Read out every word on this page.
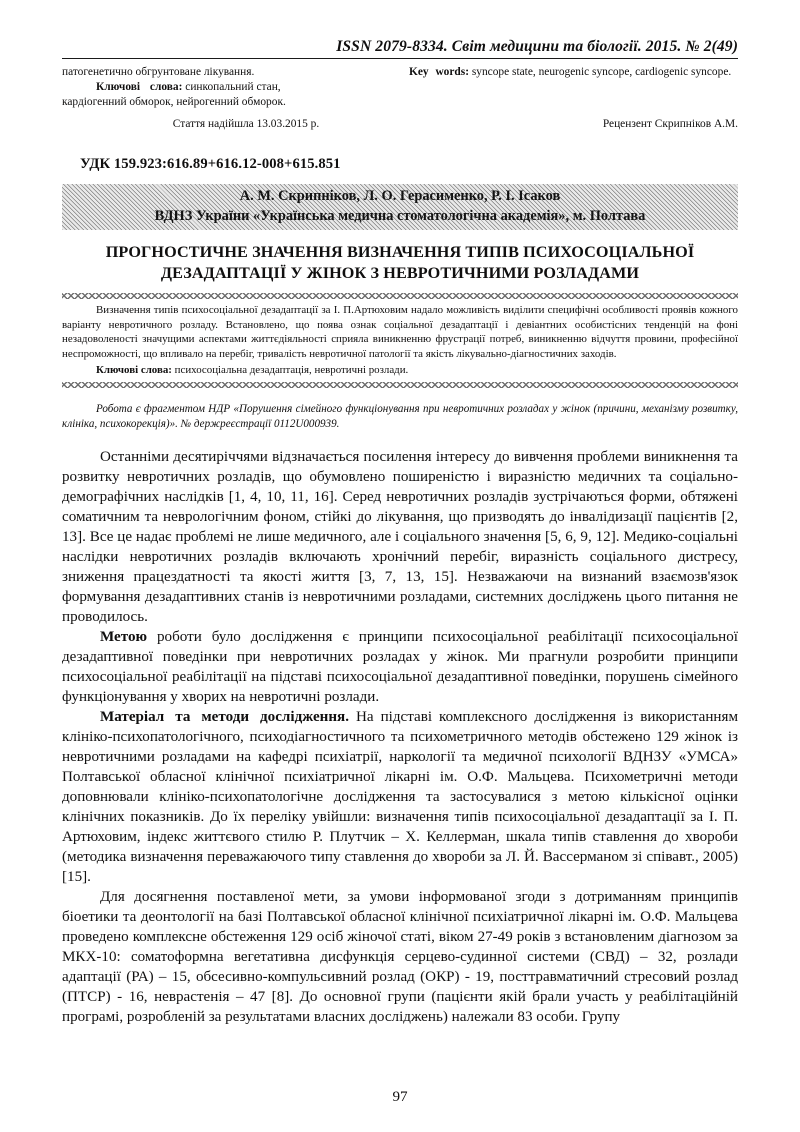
ISSN 2079-8334. Світ медицини та біології. 2015. № 2(49)

патогенетично обгрунтоване лікування.

Ключові слова: синкопальний стан,

кардіогенний обморок, нейрогенний обморок.

Key words: syncope state, neurogenic syncope, cardiogenic syncope.

Стаття надійшла 13.03.2015 р.	Рецензент Скрипніков А.М.
УДК 159.923:616.89+616.12-008+615.851
А. М. Скрипніков, Л. О. Герасименко, Р. І. Ісаков
ВДНЗ України «Українська медична стоматологічна академія», м. Полтава
ПРОГНОСТИЧНЕ ЗНАЧЕННЯ ВИЗНАЧЕННЯ ТИПІВ ПСИХОСОЦІАЛЬНОЇ
ДЕЗАДАПТАЦІЇ У ЖІНОК З НЕВРОТИЧНИМИ РОЗЛАДАМИ

Визначення типів психосоціальної дезадаптації за І. П.Артюховим надало можливість виділити специфічні особливості проявів кожного варіанту невротичного розладу. Встановлено, що поява ознак соціальної дезадаптації і девіантних особистісних тенденцій на фоні незадоволеності значущими аспектами життєдіяльності сприяла виникненню фрустрації потреб, виникненню відчуття провини, професійної неспроможності, що впливало на перебіг, тривалість невротичної патології та якість лікувально-діагностичних заходів.

Ключові слова: психосоціальна дезадаптація, невротичні розлади.

Робота є фрагментом НДР «Порушення сімейного функціонування при невротичних розладах у жінок (причини, механізму розвитку, клініка, психокорекція)». № держреєстрації 0112U000939.

Останніми десятиріччями відзначається посилення інтересу до вивчення проблеми виникнення та розвитку невротичних розладів, що обумовлено поширеністю і виразністю медичних та соціально-демографічних наслідків [1, 4, 10, 11, 16]. Серед невротичних розладів зустрічаються форми, обтяжені соматичним та неврологічним фоном, стійкі до лікування, що призводять до інвалідизації пацієнтів [2, 13]. Все це надає проблемі не лише медичного, але і соціального значення [5, 6, 9, 12]. Медико-соціальні наслідки невротичних розладів включають хронічний перебіг, виразність соціального дистресу, зниження працездатності та якості життя [3, 7, 13, 15]. Незважаючи на визнаний взаємозв'язок формування дезадаптивних станів із невротичними розладами, системних досліджень цього питання не проводилось.

Метою роботи було дослідження є принципи психосоціальної реабілітації психосоціальної дезадаптивної поведінки при невротичних розладах у жінок. Ми прагнули розробити принципи психосоціальної реабілітації на підставі психосоціальної дезадаптивної поведінки, порушень сімейного функціонування у хворих на невротичні розлади.

Матеріал та методи дослідження. На підставі комплексного дослідження із використанням клініко-психопатологічного, психодіагностичного та психометричного методів обстежено 129 жінок із невротичними розладами на кафедрі психіатрії, наркології та медичної психології ВДНЗУ «УМСА» Полтавської обласної клінічної психіатричної лікарні ім. О.Ф. Мальцева. Психометричні методи доповнювали клініко-психопатологічне дослідження та застосувалися з метою кількісної оцінки клінічних показників. До їх переліку увійшли: визначення типів психосоціальної дезадаптації за І. П. Артюховим, індекс життєвого стилю Р. Плутчик – Х. Келлерман, шкала типів ставлення до хвороби (методика визначення переважаючого типу ставлення до хвороби за Л. Й. Вассерманом зі співавт., 2005) [15].

Для досягнення поставленої мети, за умови інформованої згоди з дотриманням принципів біоетики та деонтології на базі Полтавської обласної клінічної психіатричної лікарні ім. О.Ф. Мальцева проведено комплексне обстеження 129 осіб жіночої статі, віком 27-49 років з встановленим діагнозом за МКХ-10: соматоформна вегетативна дисфункція серцево-судинної системи (СВД) – 32, розлади адаптації (РА) – 15, обсесивно-компульсивний розлад (ОКР) - 19, посттравматичний стресовий розлад (ПТСР) - 16, неврастенія – 47 [8]. До основної групи (пацієнти якій брали участь у реабілітаційній програмі, розробленій за результатами власних досліджень) належали 83 особи. Групу

97
